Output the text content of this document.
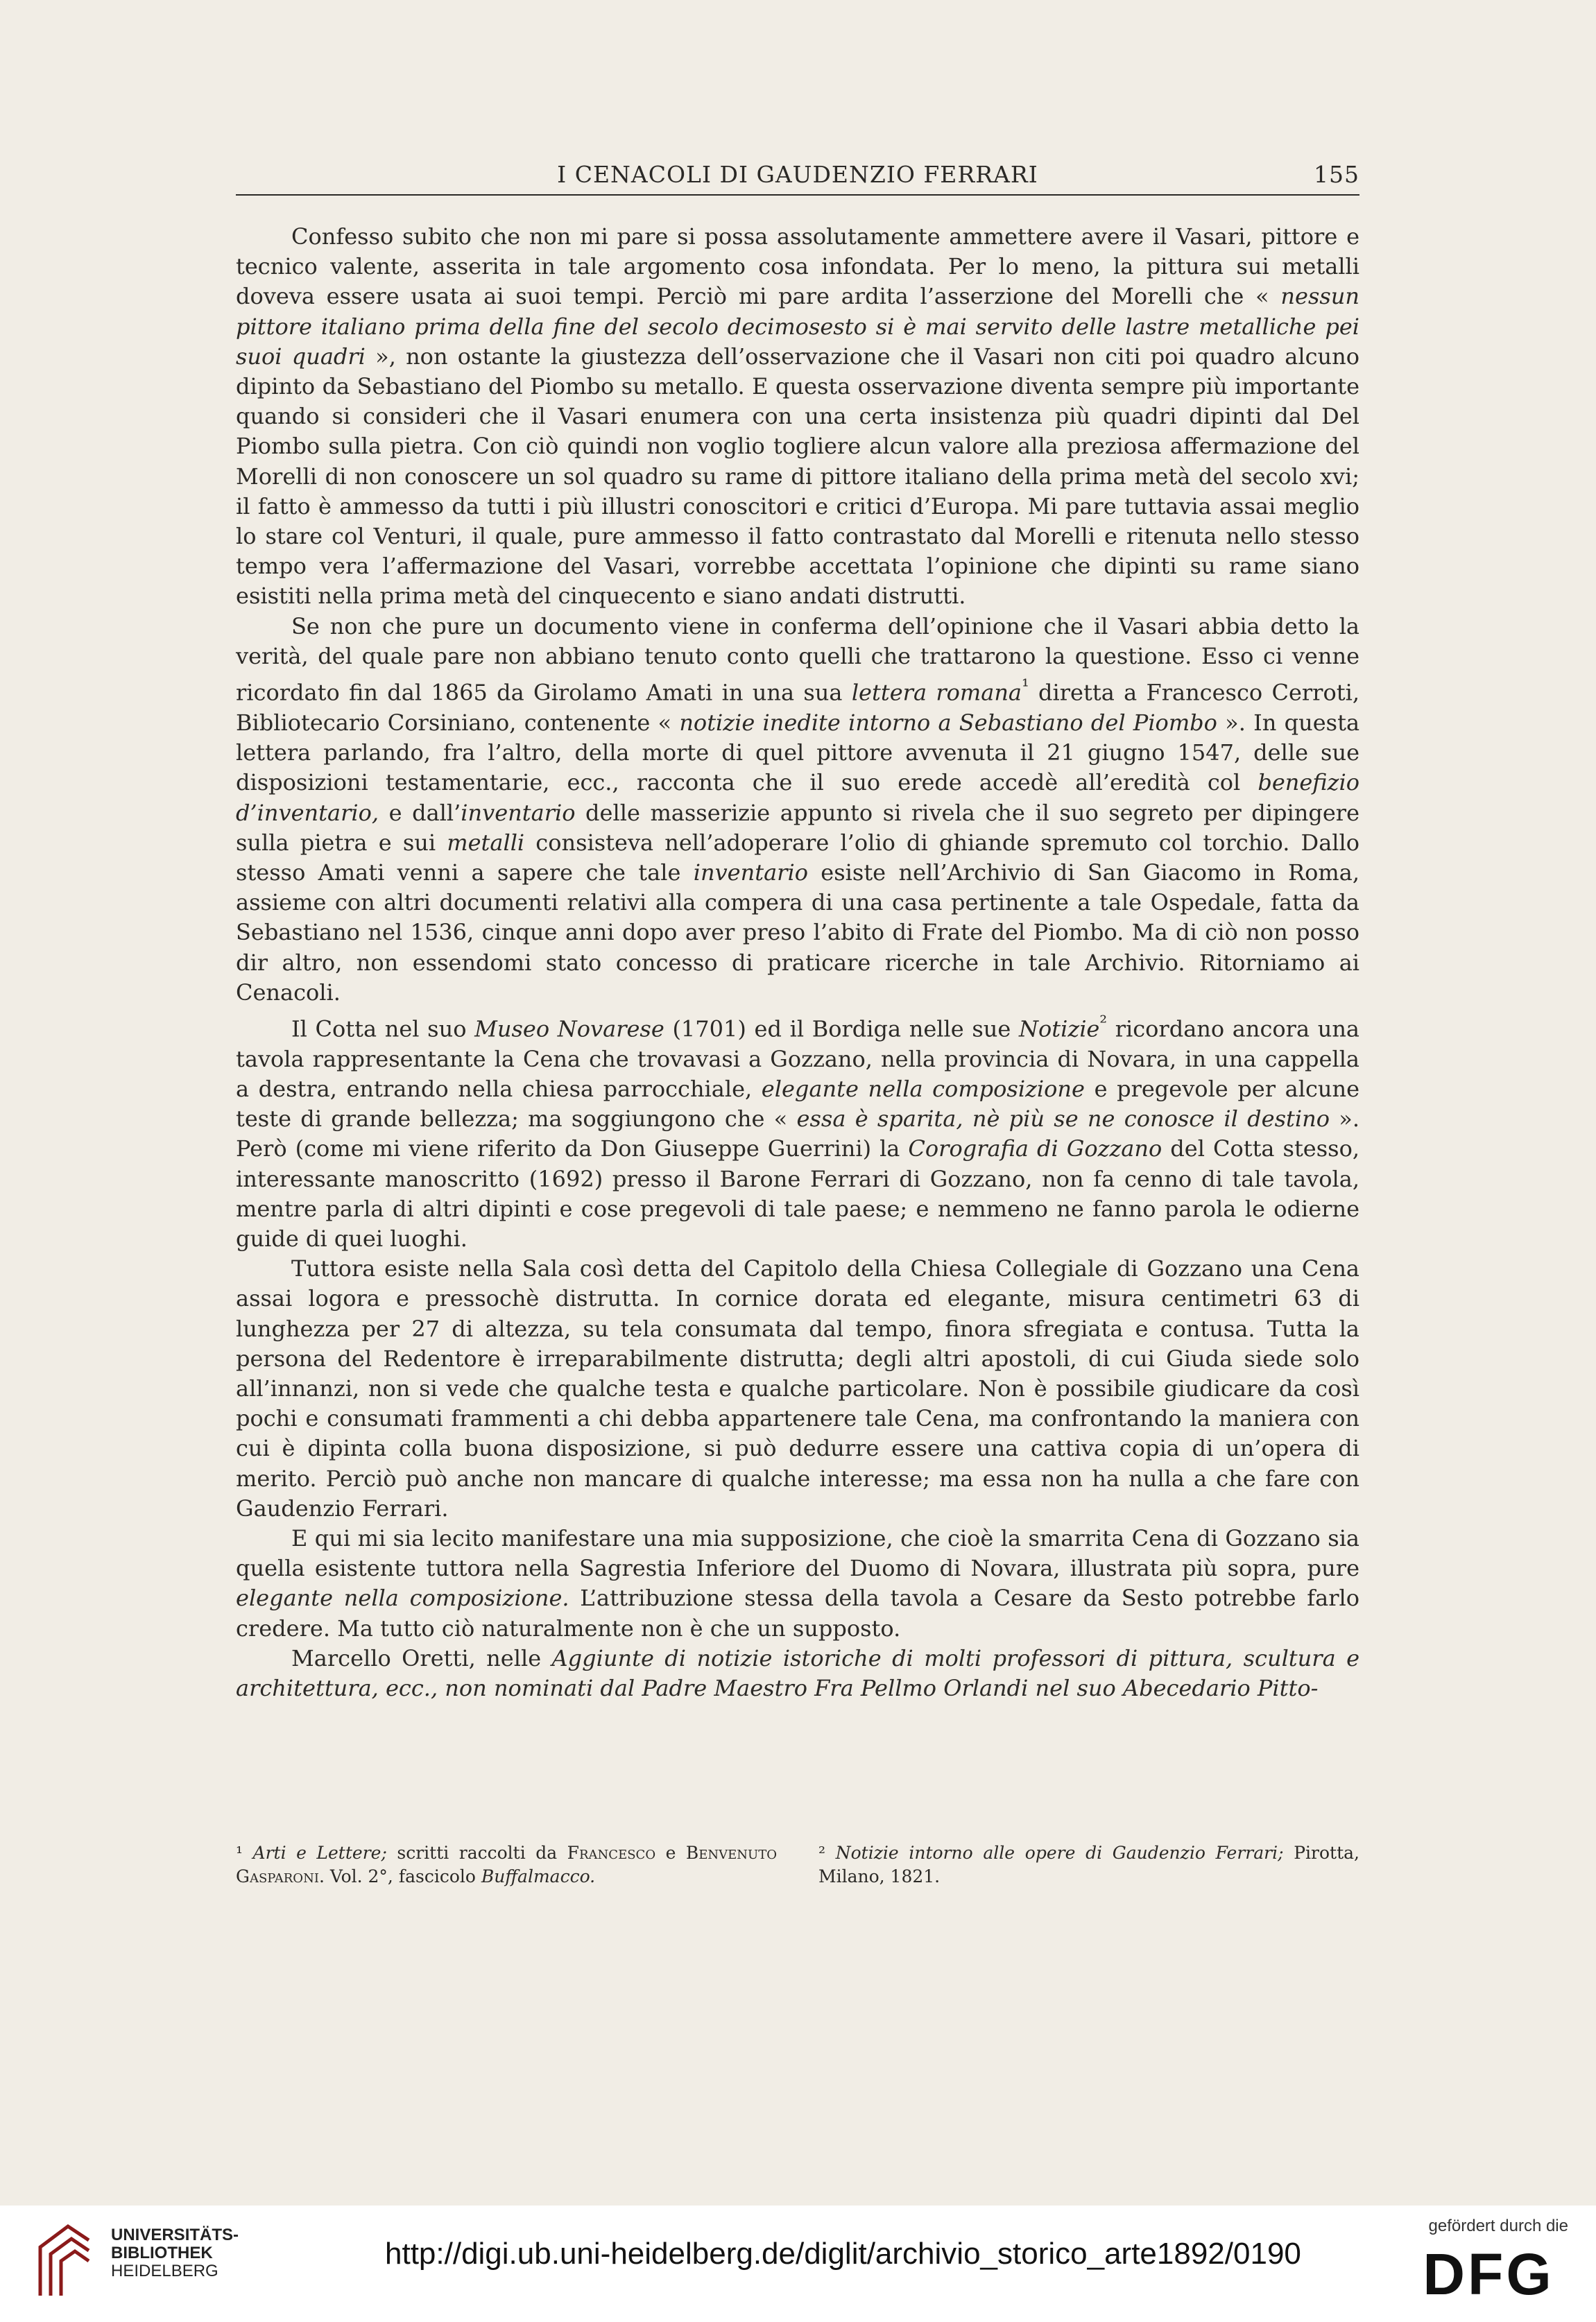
I CENACOLI DI GAUDENZIO FERRARI	155

Confesso subito che non mi pare si possa assolutamente ammettere avere il Vasari, pittore e tecnico valente, asserita in tale argomento cosa infondata. Per lo meno, la pittura sui metalli doveva essere usata ai suoi tempi. Perciò mi pare ardita l’asserzione del Morelli che « nessun pittore italiano prima della fine del secolo decimosesto si è mai servito delle lastre metalliche pei suoi quadri », non ostante la giustezza dell’osservazione che il Vasari non citi poi quadro alcuno dipinto da Sebastiano del Piombo su metallo. E questa osservazione diventa sempre più importante quando si consideri che il Vasari enumera con una certa insistenza più quadri dipinti dal Del Piombo sulla pietra. Con ciò quindi non voglio togliere alcun valore alla preziosa affermazione del Morelli di non conoscere un sol quadro su rame di pittore italiano della prima metà del secolo xvi; il fatto è ammesso da tutti i più illustri conoscitori e critici d’Europa. Mi pare tuttavia assai meglio lo stare col Venturi, il quale, pure ammesso il fatto contrastato dal Morelli e ritenuta nello stesso tempo vera l’affermazione del Vasari, vorrebbe accettata l’opinione che dipinti su rame siano esistiti nella prima metà del cinquecento e siano andati distrutti.

Se non che pure un documento viene in conferma dell’opinione che il Vasari abbia detto la verità, del quale pare non abbiano tenuto conto quelli che trattarono la questione. Esso ci venne ricordato fin dal 1865 da Girolamo Amati in una sua lettera romana$^{^1}$ diretta a Francesco Cerroti, Bibliotecario Corsiniano, contenente « notizie inedite intorno a Sebastiano del Piombo ». In questa lettera parlando, fra l’altro, della morte di quel pittore avvenuta il 21 giugno 1547, delle sue disposizioni testamentarie, ecc., racconta che il suo erede accedè all’eredità col benefizio d’inventario, e dall’inventario delle masserizie appunto si rivela che il suo segreto per dipingere sulla pietra e sui metalli consisteva nell’adoperare l’olio di ghiande spremuto col torchio. Dallo stesso Amati venni a sapere che tale inventario esiste nell’Archivio di San Giacomo in Roma, assieme con altri documenti relativi alla compera di una casa pertinente a tale Ospedale, fatta da Sebastiano nel 1536, cinque anni dopo aver preso l’abito di Frate del Piombo. Ma di ciò non posso dir altro, non essendomi stato concesso di praticare ricerche in tale Archivio. Ritorniamo ai Cenacoli.

Il Cotta nel suo Museo Novarese (1701) ed il Bordiga nelle sue Notizie$^{^2}$ ricordano ancora una tavola rappresentante la Cena che trovavasi a Gozzano, nella provincia di Novara, in una cappella a destra, entrando nella chiesa parrocchiale, elegante nella composizione e pregevole per alcune teste di grande bellezza; ma soggiungono che « essa è sparita, nè più se ne conosce il destino ». Però (come mi viene riferito da Don Giuseppe Guerrini) la Corografia di Gozzano del Cotta stesso, interessante manoscritto (1692) presso il Barone Ferrari di Gozzano, non fa cenno di tale tavola, mentre parla di altri dipinti e cose pregevoli di tale paese; e nemmeno ne fanno parola le odierne guide di quei luoghi.

Tuttora esiste nella Sala così detta del Capitolo della Chiesa Collegiale di Gozzano una Cena assai logora e pressochè distrutta. In cornice dorata ed elegante, misura centimetri 63 di lunghezza per 27 di altezza, su tela consumata dal tempo, finora sfregiata e contusa. Tutta la persona del Redentore è irreparabilmente distrutta; degli altri apostoli, di cui Giuda siede solo all’innanzi, non si vede che qualche testa e qualche particolare. Non è possibile giudicare da così pochi e consumati frammenti a chi debba appartenere tale Cena, ma confrontando la maniera con cui è dipinta colla buona disposizione, si può dedurre essere una cattiva copia di un’opera di merito. Perciò può anche non mancare di qualche interesse; ma essa non ha nulla a che fare con Gaudenzio Ferrari.

E qui mi sia lecito manifestare una mia supposizione, che cioè la smarrita Cena di Gozzano sia quella esistente tuttora nella Sagrestia Inferiore del Duomo di Novara, illustrata più sopra, pure elegante nella composizione. L’attribuzione stessa della tavola a Cesare da Sesto potrebbe farlo credere. Ma tutto ciò naturalmente non è che un supposto.

Marcello Oretti, nelle Aggiunte di notizie istoriche di molti professori di pittura, scultura e architettura, ecc., non nominati dal Padre Maestro Fra Pellmo Orlandi nel suo Abecedario Pitto-

¹ Arti e Lettere; scritti raccolti da Francesco e Benvenuto Gasparoni. Vol. 2°, fascicolo Buffalmacco.
² Notizie intorno alle opere di Gaudenzio Ferrari; Pirotta, Milano, 1821.
UNIVERSITÄTS-
BIBLIOTHEK
HEIDELBERG
http://digi.ub.uni-heidelberg.de/diglit/archivio_storico_arte1892/0190
gefördert durch die
DFG
